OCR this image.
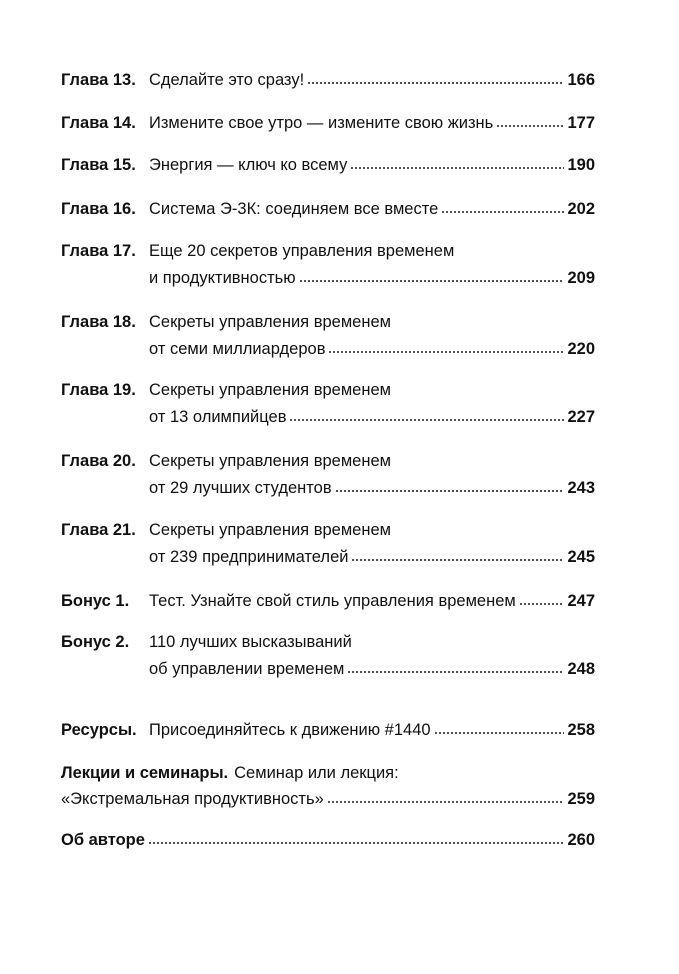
Глава 13. Сделайте это сразу!	166
Глава 14. Измените свое утро — измените свою жизнь	177
Глава 15. Энергия — ключ ко всему	190
Глава 16. Система Э-3К: соединяем все вместе	202
Глава 17. Еще 20 секретов управления временем
и продуктивностью	209
Глава 18. Секреты управления временем
от семи миллиардеров	220
Глава 19. Секреты управления временем
от 13 олимпийцев	227
Глава 20. Секреты управления временем
от 29 лучших студентов	243
Глава 21. Секреты управления временем
от 239 предпринимателей	245
Бонус 1.	Тест. Узнайте свой стиль управления временем	247
Бонус 2.	110 лучших высказываний
об управлении временем	248
Ресурсы. Присоединяйтесь к движению #1440	258
Лекции и семинары. Семинар или лекция:
«Экстремальная продуктивность»	259
Об авторе	260
